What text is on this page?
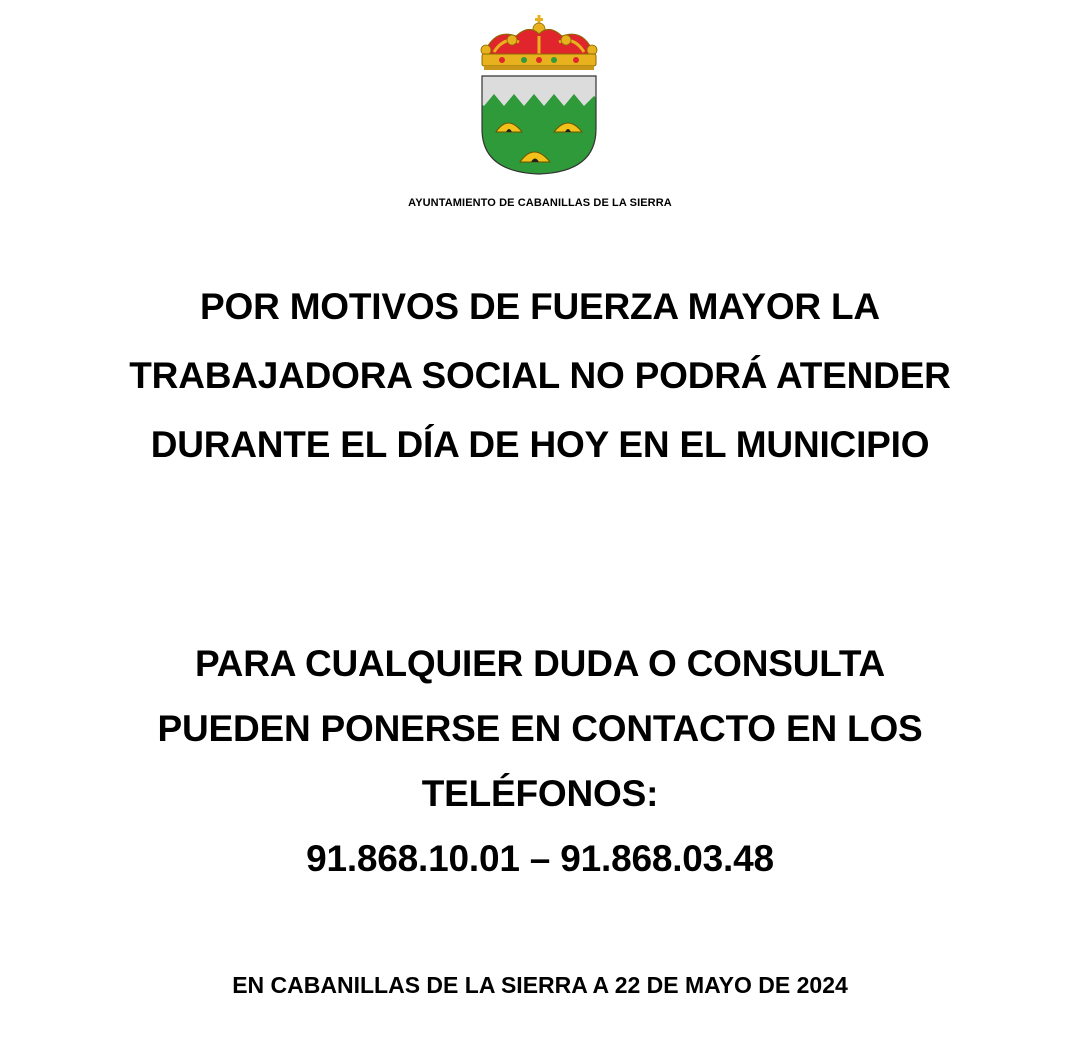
AYUNTAMIENTO DE CABANILLAS DE LA SIERRA
POR MOTIVOS DE FUERZA MAYOR LA
TRABAJADORA SOCIAL NO PODRÁ ATENDER
DURANTE EL DÍA DE HOY EN EL MUNICIPIO
PARA CUALQUIER DUDA O CONSULTA
PUEDEN PONERSE EN CONTACTO EN LOS
TELÉFONOS:
91.868.10.01 – 91.868.03.48
EN CABANILLAS DE LA SIERRA A 22 DE MAYO DE 2024
